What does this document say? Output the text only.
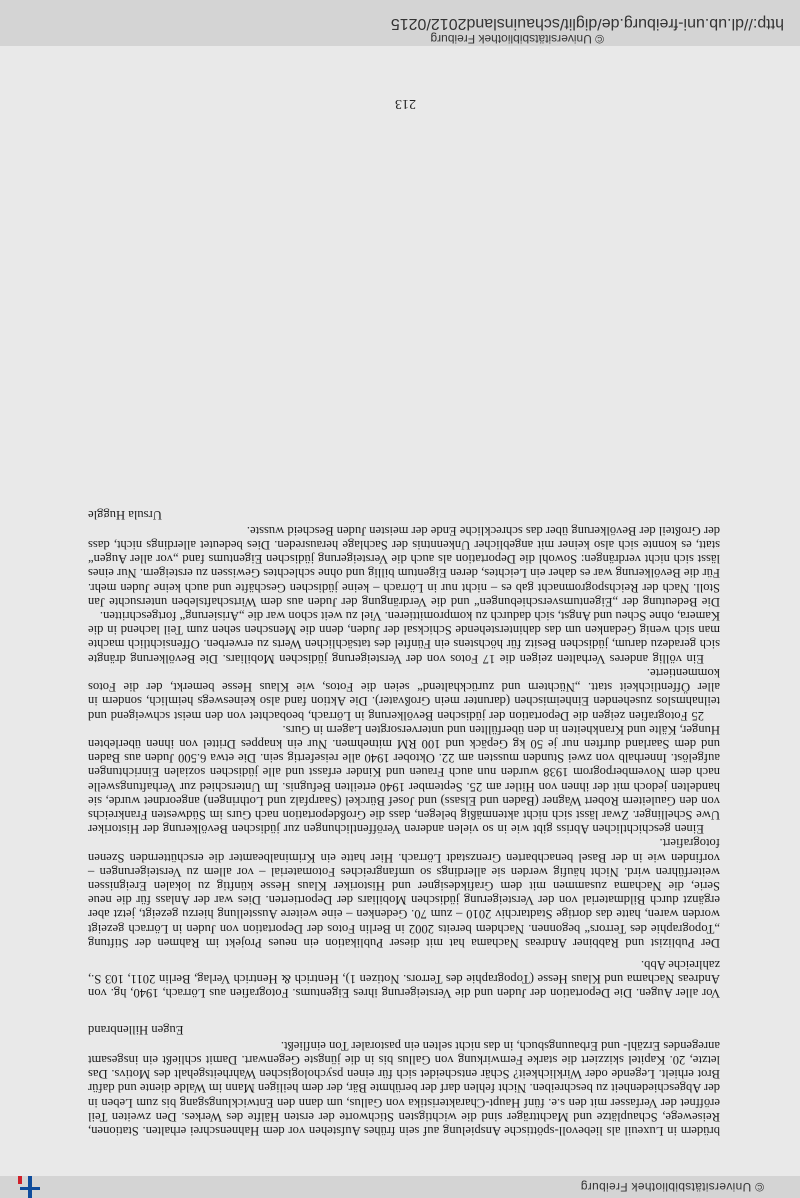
© Universitätsbibliothek Freiburg

brüdern in Luxeuil als liebevoll-spöttische Anspielung auf sein frühes Aufstehen vor dem Hahnenschrei erhalten. Stationen, Reisewege, Schauplätze und Machtträger sind die wichtigsten Stichworte der ersten Hälfte des Werkes. Den zweiten Teil eröffnet der Verfasser mit den s.e. fünf Haupt-Charakteristika von Gallus, um dann den Entwicklungsgang bis zum Leben in der Abgeschiedenheit zu beschreiben. Nicht fehlen darf der berühmte Bär, der dem heiligen Mann im Walde diente und dafür Brot erhielt. Legende oder Wirklichkeit? Schär entscheidet sich für einen psychologischen Wahrheitsgehalt des Motivs. Das letzte, 20. Kapitel skizziert die starke Fernwirkung von Gallus bis in die jüngste Gegenwart. Damit schließt ein insgesamt anregendes Erzähl- und Erbauungsbuch, in das nicht selten ein pastoraler Ton einfließt.

Eugen Hillenbrand

Vor aller Augen. Die Deportation der Juden und die Versteigerung ihres Eigentums. Fotografien aus Lörrach, 1940, hg. von Andreas Nachama und Klaus Hesse (Topographie des Terrors. Notizen 1), Hentrich & Hentrich Verlag, Berlin 2011, 103 S., zahlreiche Abb.

Der Publizist und Rabbiner Andreas Nachama hat mit dieser Publikation ein neues Projekt im Rahmen der Stiftung „Topographie des Terrors“ begonnen. Nachdem bereits 2002 in Berlin Fotos der Deportation von Juden in Lörrach gezeigt worden waren, hatte das dortige Stadtarchiv 2010 – zum 70. Gedenken – eine weitere Ausstellung hierzu gezeigt, jetzt aber ergänzt durch Bildmaterial von der Versteigerung jüdischen Mobiliars der Deportierten. Dies war der Anlass für die neue Serie, die Nachama zusammen mit dem Grafikdesigner und Historiker Klaus Hesse künftig zu lokalen Ereignissen weiterführen wird. Nicht häufig werden sie allerdings so umfangreiches Fotomaterial – vor allem zu Versteigerungen – vorfinden wie in der Basel benachbarten Grenzstadt Lörrach. Hier hatte ein Kriminalbeamter die erschütternden Szenen fotografiert.

Einen geschichtlichen Abriss gibt wie in so vielen anderen Veröffentlichungen zur jüdischen Bevölkerung der Historiker Uwe Schellinger. Zwar lässt sich nicht aktenmäßig belegen, dass die Großdeportation nach Gurs im Südwesten Frankreichs von den Gauleitern Robert Wagner (Baden und Elsass) und Josef Bürckel (Saarpfalz und Lothringen) angeordnet wurde, sie handelten jedoch mit der ihnen von Hitler am 25. September 1940 erteilten Befugnis. Im Unterschied zur Verhaftungswelle nach dem Novemberpogrom 1938 wurden nun auch Frauen und Kinder erfasst und alle jüdischen sozialen Einrichtungen aufgelöst. Innerhalb von zwei Stunden mussten am 22. Oktober 1940 alle reisefertig sein. Die etwa 6.500 Juden aus Baden und dem Saarland durften nur je 50 kg Gepäck und 100 RM mitnehmen. Nur ein knappes Drittel von ihnen überlebten Hunger, Kälte und Krankheiten in den überfüllten und unterversorgten Lagern in Gurs.

25 Fotografien zeigen die Deportation der jüdischen Bevölkerung in Lörrach, beobachtet von den meist schweigend und teilnahmslos zusehenden Einheimischen (darunter mein Großvater). Die Aktion fand also keineswegs heimlich, sondern in aller Öffentlichkeit statt. „Nüchtern und zurückhaltend“ seien die Fotos, wie Klaus Hesse bemerkt, der die Fotos kommentierte.

Ein völlig anderes Verhalten zeigen die 17 Fotos von der Versteigerung jüdischen Mobiliars. Die Bevölkerung drängte sich geradezu darum, jüdischen Besitz für höchstens ein Fünftel des tatsächlichen Werts zu erwerben. Offensichtlich machte man sich wenig Gedanken um das dahinterstehende Schicksal der Juden, denn die Menschen sehen zum Teil lachend in die Kamera, ohne Scheu und Angst, sich dadurch zu kompromittieren. Viel zu weit schon war die „Arisierung“ fortgeschritten.

Die Bedeutung der „Eigentumsverschiebungen“ und die Verdrängung der Juden aus dem Wirtschaftsleben untersuchte Jan Stoll. Nach der Reichspogromnacht gab es – nicht nur in Lörrach – keine jüdischen Geschäfte und auch keine Juden mehr. Für die Bevölkerung war es daher ein Leichtes, deren Eigentum billig und ohne schlechtes Gewissen zu ersteigern. Nur eines lässt sich nicht verdrängen: Sowohl die Deportation als auch die Versteigerung jüdischen Eigentums fand „vor aller Augen“ statt, es konnte sich also keiner mit angeblicher Unkenntnis der Sachlage herausreden. Dies bedeutet allerdings nicht, dass der Großteil der Bevölkerung über das schreckliche Ende der meisten Juden Bescheid wusste.

Ursula Huggle

213
http://dl.ub.uni-freiburg.de/diglit/schauinsland2012/0215
© Universitätsbibliothek Freiburg
